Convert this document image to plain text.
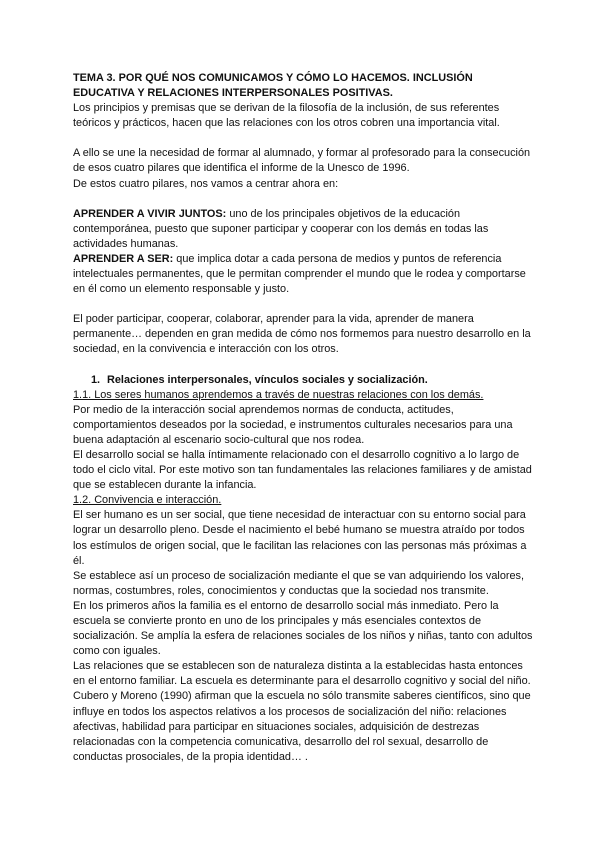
TEMA 3. POR QUÉ NOS COMUNICAMOS Y CÓMO LO HACEMOS. INCLUSIÓN
EDUCATIVA Y RELACIONES INTERPERSONALES POSITIVAS.

Los principios y premisas que se derivan de la filosofía de la inclusión, de sus referentes teóricos y prácticos, hacen que las relaciones con los otros cobren una importancia vital.

A ello se une la necesidad de formar al alumnado, y formar al profesorado para la consecución de esos cuatro pilares que identifica el informe de la Unesco de 1996.

De estos cuatro pilares, nos vamos a centrar ahora en:

APRENDER A VIVIR JUNTOS: uno de los principales objetivos de la educación contemporánea, puesto que suponer participar y cooperar con los demás en todas las actividades humanas.

APRENDER A SER: que implica dotar a cada persona de medios y puntos de referencia intelectuales permanentes, que le permitan comprender el mundo que le rodea y comportarse en él como un elemento responsable y justo.

El poder participar, cooperar, colaborar, aprender para la vida, aprender de manera permanente… dependen en gran medida de cómo nos formemos para nuestro desarrollo en la sociedad, en la convivencia e interacción con los otros.

1. Relaciones interpersonales, vínculos sociales y socialización.

1.1. Los seres humanos aprendemos a través de nuestras relaciones con los demás.

Por medio de la interacción social aprendemos normas de conducta, actitudes, comportamientos deseados por la sociedad, e instrumentos culturales necesarios para una buena adaptación al escenario socio-cultural que nos rodea.

El desarrollo social se halla íntimamente relacionado con el desarrollo cognitivo a lo largo de todo el ciclo vital. Por este motivo son tan fundamentales las relaciones familiares y de amistad que se establecen durante la infancia.

1.2. Convivencia e interacción.

El ser humano es un ser social, que tiene necesidad de interactuar con su entorno social para lograr un desarrollo pleno. Desde el nacimiento el bebé humano se muestra atraído por todos los estímulos de origen social, que le facilitan las relaciones con las personas más próximas a él.

Se establece así un proceso de socialización mediante el que se van adquiriendo los valores, normas, costumbres, roles, conocimientos y conductas que la sociedad nos transmite.

En los primeros años la familia es el entorno de desarrollo social más inmediato. Pero la escuela se convierte pronto en uno de los principales y más esenciales contextos de socialización. Se amplía la esfera de relaciones sociales de los niños y niñas, tanto con adultos como con iguales.

Las relaciones que se establecen son de naturaleza distinta a la establecidas hasta entonces en el entorno familiar. La escuela es determinante para el desarrollo cognitivo y social del niño.

Cubero y Moreno (1990) afirman que la escuela no sólo transmite saberes científicos, sino que influye en todos los aspectos relativos a los procesos de socialización del niño: relaciones afectivas, habilidad para participar en situaciones sociales, adquisición de destrezas relacionadas con la competencia comunicativa, desarrollo del rol sexual, desarrollo de conductas prosociales, de la propia identidad… .
